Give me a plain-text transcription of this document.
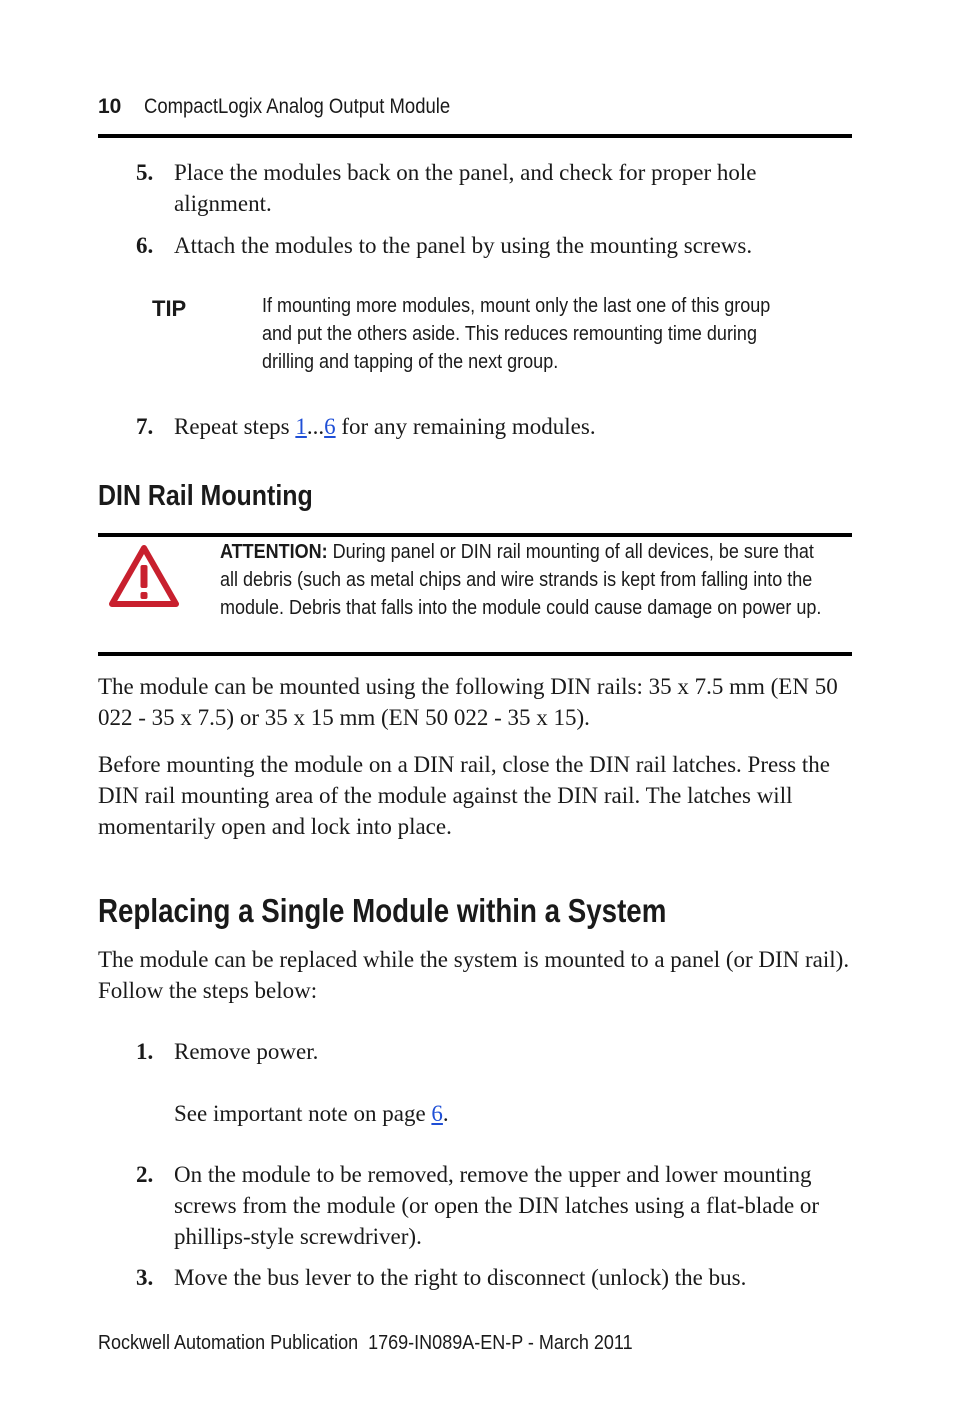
10 CompactLogix Analog Output Module
5. Place the modules back on the panel, and check for proper hole alignment.
6. Attach the modules to the panel by using the mounting screws.
TIP	If mounting more modules, mount only the last one of this group and put the others aside. This reduces remounting time during drilling and tapping of the next group.
7. Repeat steps 1...6 for any remaining modules.
DIN Rail Mounting
ATTENTION: During panel or DIN rail mounting of all devices, be sure that all debris (such as metal chips and wire strands is kept from falling into the module. Debris that falls into the module could cause damage on power up.
The module can be mounted using the following DIN rails: 35 x 7.5 mm (EN 50 022 - 35 x 7.5) or 35 x 15 mm (EN 50 022 - 35 x 15).
Before mounting the module on a DIN rail, close the DIN rail latches. Press the DIN rail mounting area of the module against the DIN rail. The latches will momentarily open and lock into place.
Replacing a Single Module within a System
The module can be replaced while the system is mounted to a panel (or DIN rail). Follow the steps below:
1. Remove power.
See important note on page 6.
2. On the module to be removed, remove the upper and lower mounting screws from the module (or open the DIN latches using a flat-blade or phillips-style screwdriver).
3. Move the bus lever to the right to disconnect (unlock) the bus.
Rockwell Automation Publication  1769-IN089A-EN-P - March 2011
